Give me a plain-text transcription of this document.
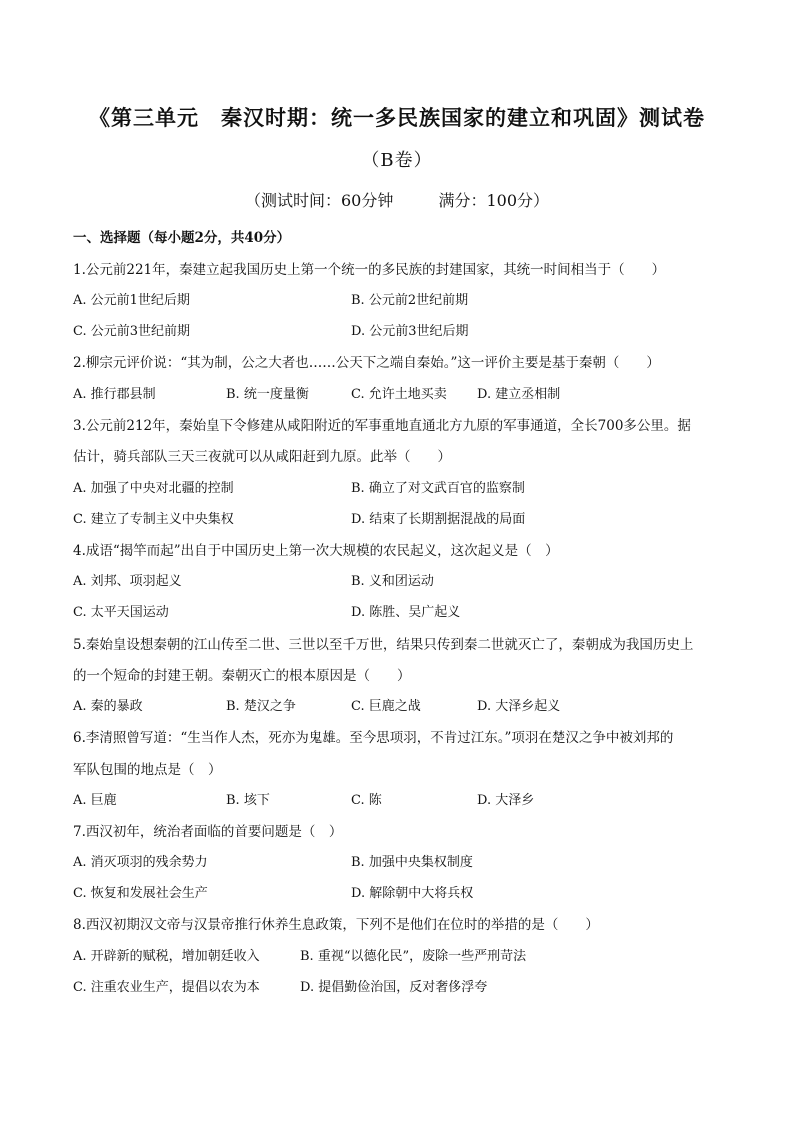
《第三单元　秦汉时期：统一多民族国家的建立和巩固》测试卷
（B卷）
（测试时间：60分钟	满分：100分）
一、选择题（每小题2分，共40分）
1.公元前221年，秦建立起我国历史上第一个统一的多民族的封建国家，其统一时间相当于（　　）
A. 公元前1世纪后期	B. 公元前2世纪前期
C. 公元前3世纪前期	D. 公元前3世纪后期
2.柳宗元评价说：“其为制，公之大者也……公天下之端自秦始。”这一评价主要是基于秦朝（　　）
A. 推行郡县制	B. 统一度量衡	C. 允许土地买卖 D. 建立丞相制
3.公元前212年，秦始皇下令修建从咸阳附近的军事重地直通北方九原的军事通道，全长700多公里。据
估计，骑兵部队三天三夜就可以从咸阳赶到九原。此举（　　）
A. 加强了中央对北疆的控制	B. 确立了对文武百官的监察制
C. 建立了专制主义中央集权	D. 结束了长期割据混战的局面
4.成语“揭竿而起”出自于中国历史上第一次大规模的农民起义，这次起义是（　）
A. 刘邦、项羽起义	B. 义和团运动
C. 太平天国运动	D. 陈胜、吴广起义
5.秦始皇设想秦朝的江山传至二世、三世以至千万世，结果只传到秦二世就灭亡了，秦朝成为我国历史上
的一个短命的封建王朝。秦朝灭亡的根本原因是（　　）
A. 秦的暴政	B. 楚汉之争	C. 巨鹿之战	D. 大泽乡起义
6.李清照曾写道：“生当作人杰，死亦为鬼雄。至今思项羽，不肯过江东。”项羽在楚汉之争中被刘邦的
军队包围的地点是（　）
A. 巨鹿	B. 垓下	C. 陈	D. 大泽乡
7.西汉初年，统治者面临的首要问题是（　）
A. 消灭项羽的残余势力	B. 加强中央集权制度
C. 恢复和发展社会生产	D. 解除朝中大将兵权
8.西汉初期汉文帝与汉景帝推行休养生息政策，下列不是他们在位时的举措的是（　　）
A. 开辟新的赋税，增加朝廷收入	B. 重视“以德化民”，废除一些严刑苛法
C. 注重农业生产，提倡以农为本	D. 提倡勤俭治国，反对奢侈浮夸
